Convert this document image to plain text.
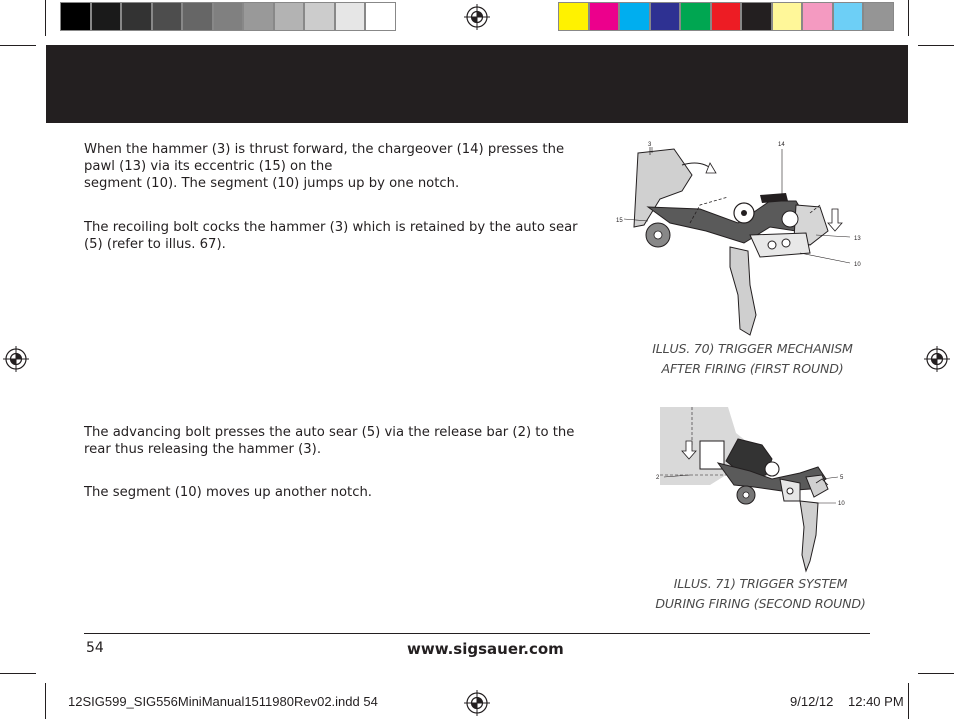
When the hammer (3) is thrust forward, the chargeover (14) presses the
pawl (13) via its eccentric (15) on the
segment (10). The segment (10) jumps up by one notch.
The recoiling bolt cocks the hammer (3) which is retained by the auto sear
(5) (refer to illus. 67).
3	14
15
13
10
ILLUS. 70) TRIGGER MECHANISM
AFTER FIRING (FIRST ROUND)
The advancing bolt presses the auto sear (5) via the release bar (2) to the
rear thus releasing the hammer (3).
The segment (10) moves up another notch.
2	5
10
ILLUS. 71) TRIGGER SYSTEM
DURING FIRING (SECOND ROUND)
54	www.sigsauer.com
12SIG599_SIG556MiniManual1511980Rev02.indd 54	9/12/12 12:40 PM
